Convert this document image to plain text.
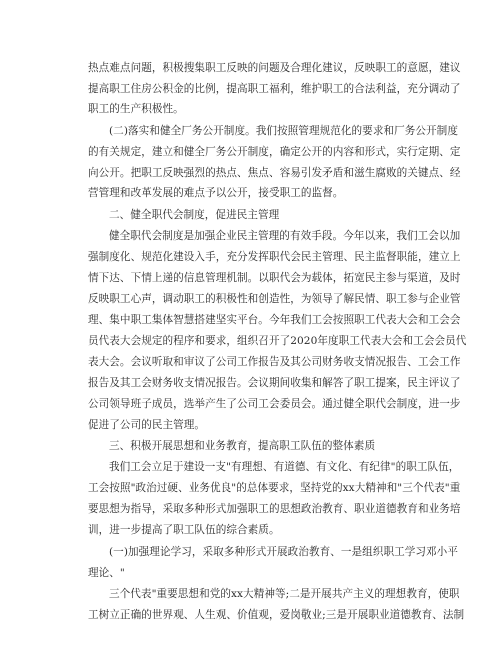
热点难点问题，积极搜集职工反映的问题及合理化建议，反映职工的意愿，建议
提高职工住房公积金的比例，提高职工福利，维护职工的合法利益，充分调动了
职工的生产积极性。
(二)落实和健全厂务公开制度。我们按照管理规范化的要求和厂务公开制度
的有关规定，建立和健全厂务公开制度，确定公开的内容和形式，实行定期、定
向公开。把职工反映强烈的热点、焦点、容易引发矛盾和滋生腐败的关键点、经
营管理和改革发展的难点予以公开，接受职工的监督。
二、健全职代会制度，促进民主管理
健全职代会制度是加强企业民主管理的有效手段。今年以来，我们工会以加
强制度化、规范化建设入手，充分发挥职代会民主管理、民主监督职能，建立上
情下达、下情上递的信息管理机制。以职代会为载体，拓宽民主参与渠道，及时
反映职工心声，调动职工的积极性和创造性，为领导了解民情、职工参与企业管
理、集中职工集体智慧搭建坚实平台。今年我们工会按照职工代表大会和工会会
员代表大会规定的程序和要求，组织召开了2020年度职工代表大会和工会会员代
表大会。会议听取和审议了公司工作报告及其公司财务收支情况报告、工会工作
报告及其工会财务收支情况报告。会议期间收集和解答了职工提案，民主评议了
公司领导班子成员，选举产生了公司工会委员会。通过健全职代会制度，进一步
促进了公司的民主管理。
三、积极开展思想和业务教育，提高职工队伍的整体素质
我们工会立足于建设一支"有理想、有道德、有文化、有纪律"的职工队伍，
工会按照"政治过硬、业务优良"的总体要求，坚持党的xx大精神和"三个代表"重
要思想为指导，采取多种形式加强职工的思想政治教育、职业道德教育和业务培
训，进一步提高了职工队伍的综合素质。
(一)加强理论学习，采取多种形式开展政治教育、一是组织职工学习邓小平
理论、"
三个代表"重要思想和党的xx大精神等;二是开展共产主义的理想教育，使职
工树立正确的世界观、人生观、价值观，爱岗敬业;三是开展职业道德教育、法制
